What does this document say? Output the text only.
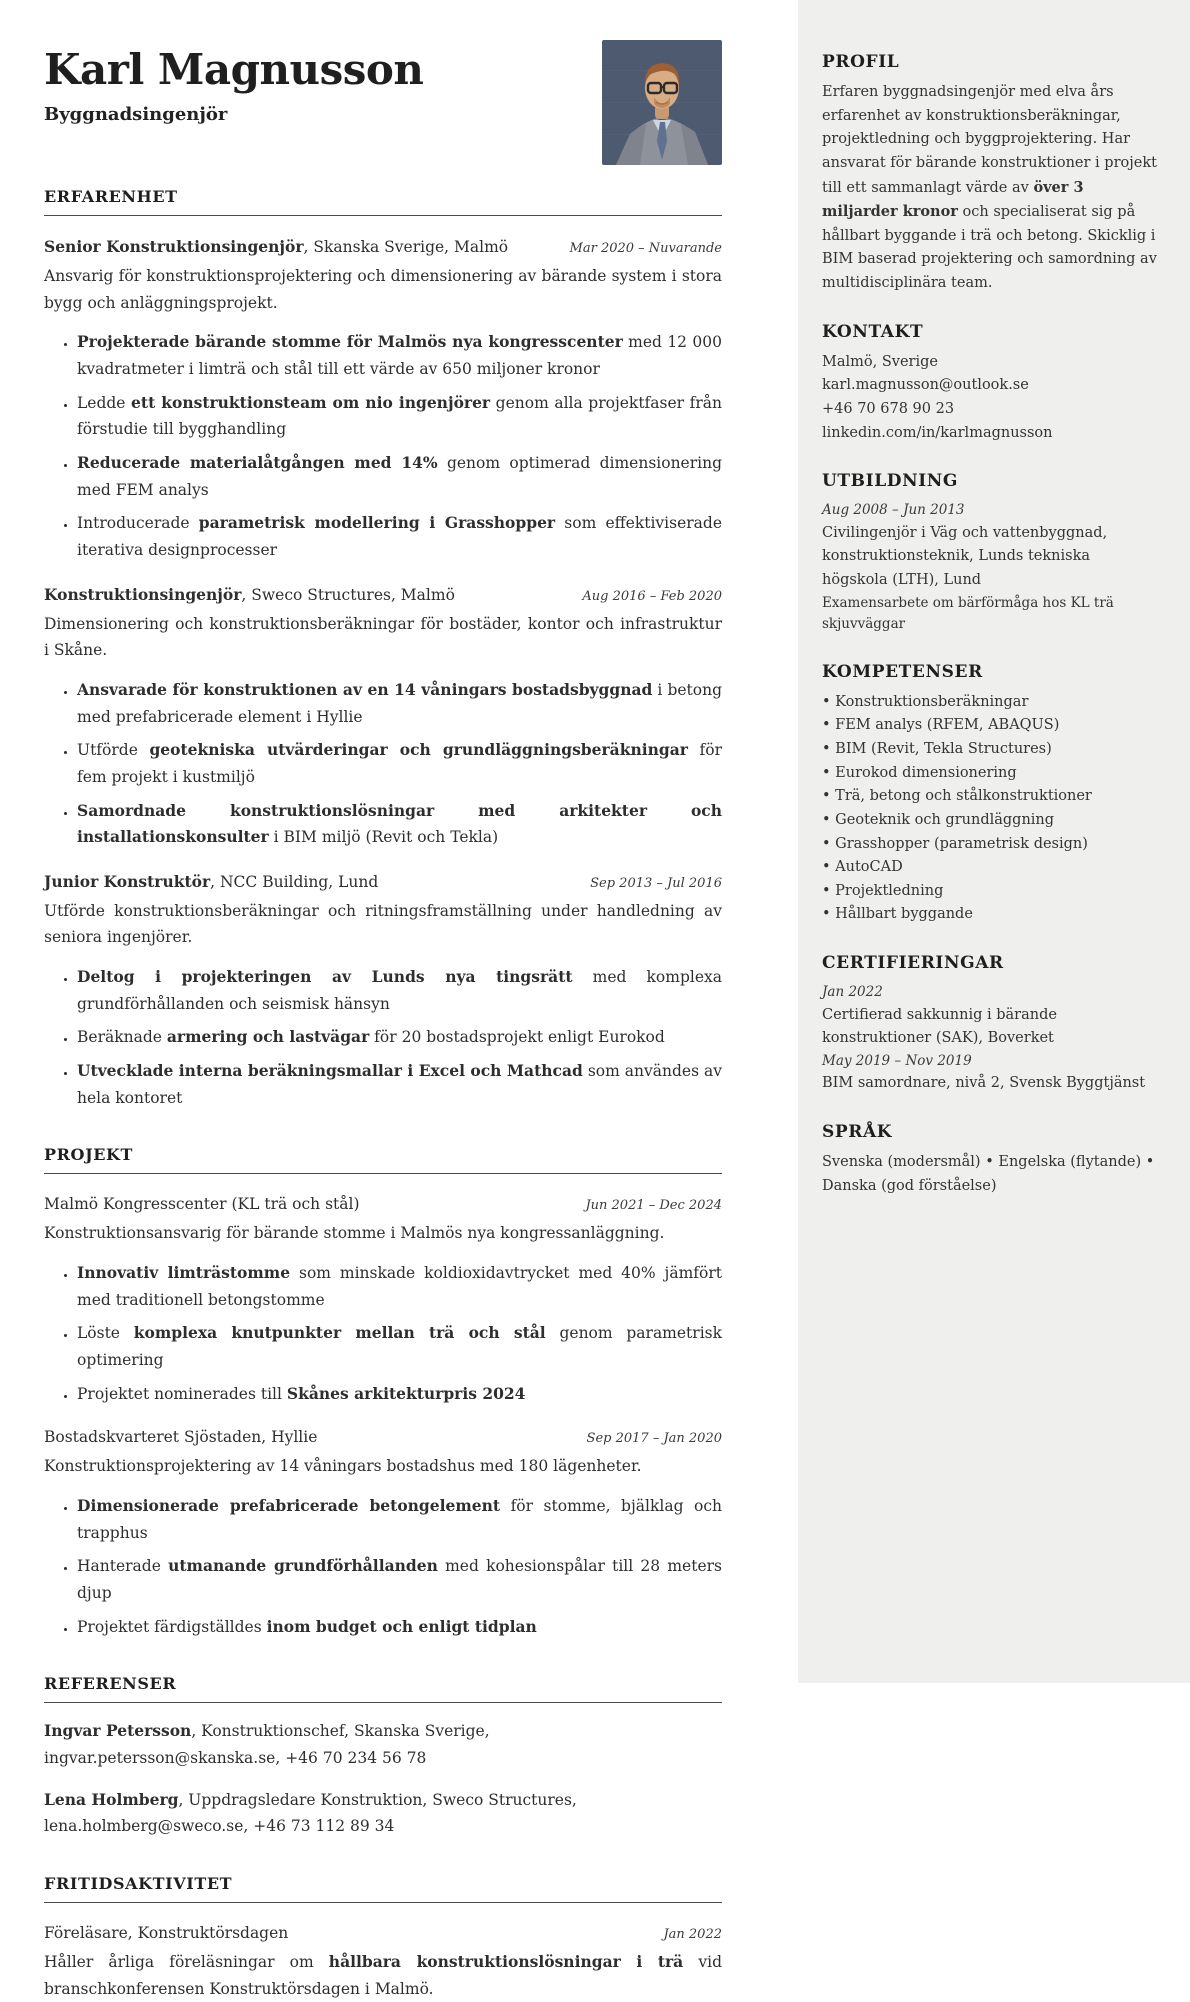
Karl Magnusson
Byggnadsingenjör
ERFARENHET
Senior Konstruktionsingenjör, Skanska Sverige, Malmö	Mar 2020 – Nuvarande
Ansvarig för konstruktionsprojektering och dimensionering av bärande system i stora bygg och anläggningsprojekt.
• Projekterade bärande stomme för Malmös nya kongresscenter med 12 000 kvadratmeter i limträ och stål till ett värde av 650 miljoner kronor
• Ledde ett konstruktionsteam om nio ingenjörer genom alla projektfaser från förstudie till bygghandling
• Reducerade materialåtgången med 14% genom optimerad dimensionering med FEM analys
• Introducerade parametrisk modellering i Grasshopper som effektiviserade iterativa designprocesser
Konstruktionsingenjör, Sweco Structures, Malmö	Aug 2016 – Feb 2020
Dimensionering och konstruktionsberäkningar för bostäder, kontor och infrastruktur i Skåne.
• Ansvarade för konstruktionen av en 14 våningars bostadsbyggnad i betong med prefabricerade element i Hyllie
• Utförde geotekniska utvärderingar och grundläggningsberäkningar för fem projekt i kustmiljö
• Samordnade konstruktionslösningar med arkitekter och installationskonsulter i BIM miljö (Revit och Tekla)
Junior Konstruktör, NCC Building, Lund	Sep 2013 – Jul 2016
Utförde konstruktionsberäkningar och ritningsframställning under handledning av seniora ingenjörer.
• Deltog i projekteringen av Lunds nya tingsrätt med komplexa grundförhållanden och seismisk hänsyn
• Beräknade armering och lastvägar för 20 bostadsprojekt enligt Eurokod
• Utvecklade interna beräkningsmallar i Excel och Mathcad som användes av hela kontoret
PROJEKT
Malmö Kongresscenter (KL trä och stål)	Jun 2021 – Dec 2024
Konstruktionsansvarig för bärande stomme i Malmös nya kongressanläggning.
• Innovativ limträstomme som minskade koldioxidavtrycket med 40% jämfört med traditionell betongstomme
• Löste komplexa knutpunkter mellan trä och stål genom parametrisk optimering
• Projektet nominerades till Skånes arkitekturpris 2024
Bostadskvarteret Sjöstaden, Hyllie	Sep 2017 – Jan 2020
Konstruktionsprojektering av 14 våningars bostadshus med 180 lägenheter.
• Dimensionerade prefabricerade betongelement för stomme, bjälklag och trapphus
• Hanterade utmanande grundförhållanden med kohesionspålar till 28 meters djup
• Projektet färdigställdes inom budget och enligt tidplan
REFERENSER
Ingvar Petersson, Konstruktionschef, Skanska Sverige, ingvar.petersson@skanska.se, +46 70 234 56 78
Lena Holmberg, Uppdragsledare Konstruktion, Sweco Structures, lena.holmberg@sweco.se, +46 73 112 89 34
FRITIDSAKTIVITET
Föreläsare, Konstruktörsdagen	Jan 2022
Håller årliga föreläsningar om hållbara konstruktionslösningar i trä vid branschkonferensen Konstruktörsdagen i Malmö.
PROFIL
Erfaren byggnadsingenjör med elva års erfarenhet av konstruktionsberäkningar, projektledning och byggprojektering. Har ansvarat för bärande konstruktioner i projekt till ett sammanlagt värde av över 3 miljarder kronor och specialiserat sig på hållbart byggande i trä och betong. Skicklig i BIM baserad projektering och samordning av multidisciplinära team.
KONTAKT
Malmö, Sverige
karl.magnusson@outlook.se
+46 70 678 90 23
linkedin.com/in/karlmagnusson
UTBILDNING
Aug 2008 – Jun 2013
Civilingenjör i Väg och vattenbyggnad, konstruktionsteknik, Lunds tekniska högskola (LTH), Lund
Examensarbete om bärförmåga hos KL trä skjuvväggar
KOMPETENSER
• Konstruktionsberäkningar
• FEM analys (RFEM, ABAQUS)
• BIM (Revit, Tekla Structures)
• Eurokod dimensionering
• Trä, betong och stålkonstruktioner
• Geoteknik och grundläggning
• Grasshopper (parametrisk design)
• AutoCAD
• Projektledning
• Hållbart byggande
CERTIFIERINGAR
Jan 2022
Certifierad sakkunnig i bärande konstruktioner (SAK), Boverket
May 2019 – Nov 2019
BIM samordnare, nivå 2, Svensk Byggtjänst
SPRÅK
Svenska (modersmål) • Engelska (flytande) • Danska (god förståelse)
